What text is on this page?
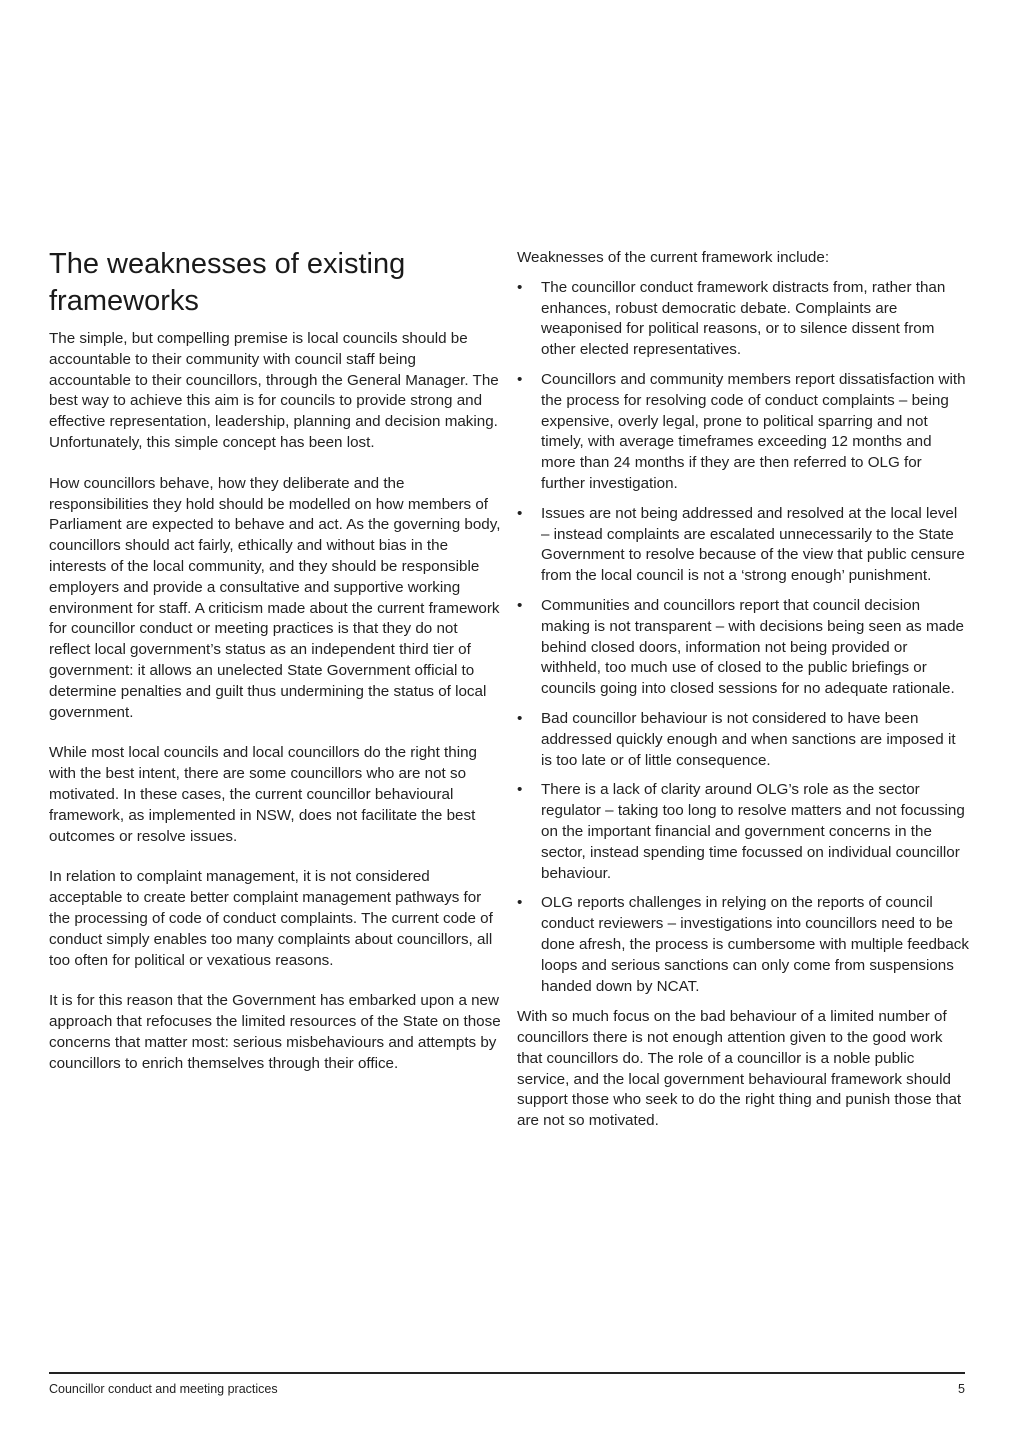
The weaknesses of existing frameworks

The simple, but compelling premise is local councils should be accountable to their community with council staff being accountable to their councillors, through the General Manager. The best way to achieve this aim is for councils to provide strong and effective representation, leadership, planning and decision making. Unfortunately, this simple concept has been lost.

How councillors behave, how they deliberate and the responsibilities they hold should be modelled on how members of Parliament are expected to behave and act. As the governing body, councillors should act fairly, ethically and without bias in the interests of the local community, and they should be responsible employers and provide a consultative and supportive working environment for staff. A criticism made about the current framework for councillor conduct or meeting practices is that they do not reflect local government’s status as an independent third tier of government: it allows an unelected State Government official to determine penalties and guilt thus undermining the status of local government.

While most local councils and local councillors do the right thing with the best intent, there are some councillors who are not so motivated. In these cases, the current councillor behavioural framework, as implemented in NSW, does not facilitate the best outcomes or resolve issues.

In relation to complaint management, it is not considered acceptable to create better complaint management pathways for the processing of code of conduct complaints. The current code of conduct simply enables too many complaints about councillors, all too often for political or vexatious reasons.

It is for this reason that the Government has embarked upon a new approach that refocuses the limited resources of the State on those concerns that matter most: serious misbehaviours and attempts by councillors to enrich themselves through their office.

Weaknesses of the current framework include:

•	The councillor conduct framework distracts from, rather than enhances, robust democratic debate. Complaints are weaponised for political reasons, or to silence dissent from other elected representatives.
•	Councillors and community members report dissatisfaction with the process for resolving code of conduct complaints – being expensive, overly legal, prone to political sparring and not timely, with average timeframes exceeding 12 months and more than 24 months if they are then referred to OLG for further investigation.
•	Issues are not being addressed and resolved at the local level – instead complaints are escalated unnecessarily to the State Government to resolve because of the view that public censure from the local council is not a ‘strong enough’ punishment.
•	Communities and councillors report that council decision making is not transparent – with decisions being seen as made behind closed doors, information not being provided or withheld, too much use of closed to the public briefings or councils going into closed sessions for no adequate rationale.
•	Bad councillor behaviour is not considered to have been addressed quickly enough and when sanctions are imposed it is too late or of little consequence.
•	There is a lack of clarity around OLG’s role as the sector regulator – taking too long to resolve matters and not focussing on the important financial and government concerns in the sector, instead spending time focussed on individual councillor behaviour.
•	OLG reports challenges in relying on the reports of council conduct reviewers – investigations into councillors need to be done afresh, the process is cumbersome with multiple feedback loops and serious sanctions can only come from suspensions handed down by NCAT.

With so much focus on the bad behaviour of a limited number of councillors there is not enough attention given to the good work that councillors do. The role of a councillor is a noble public service, and the local government behavioural framework should support those who seek to do the right thing and punish those that are not so motivated.

Councillor conduct and meeting practices	5
